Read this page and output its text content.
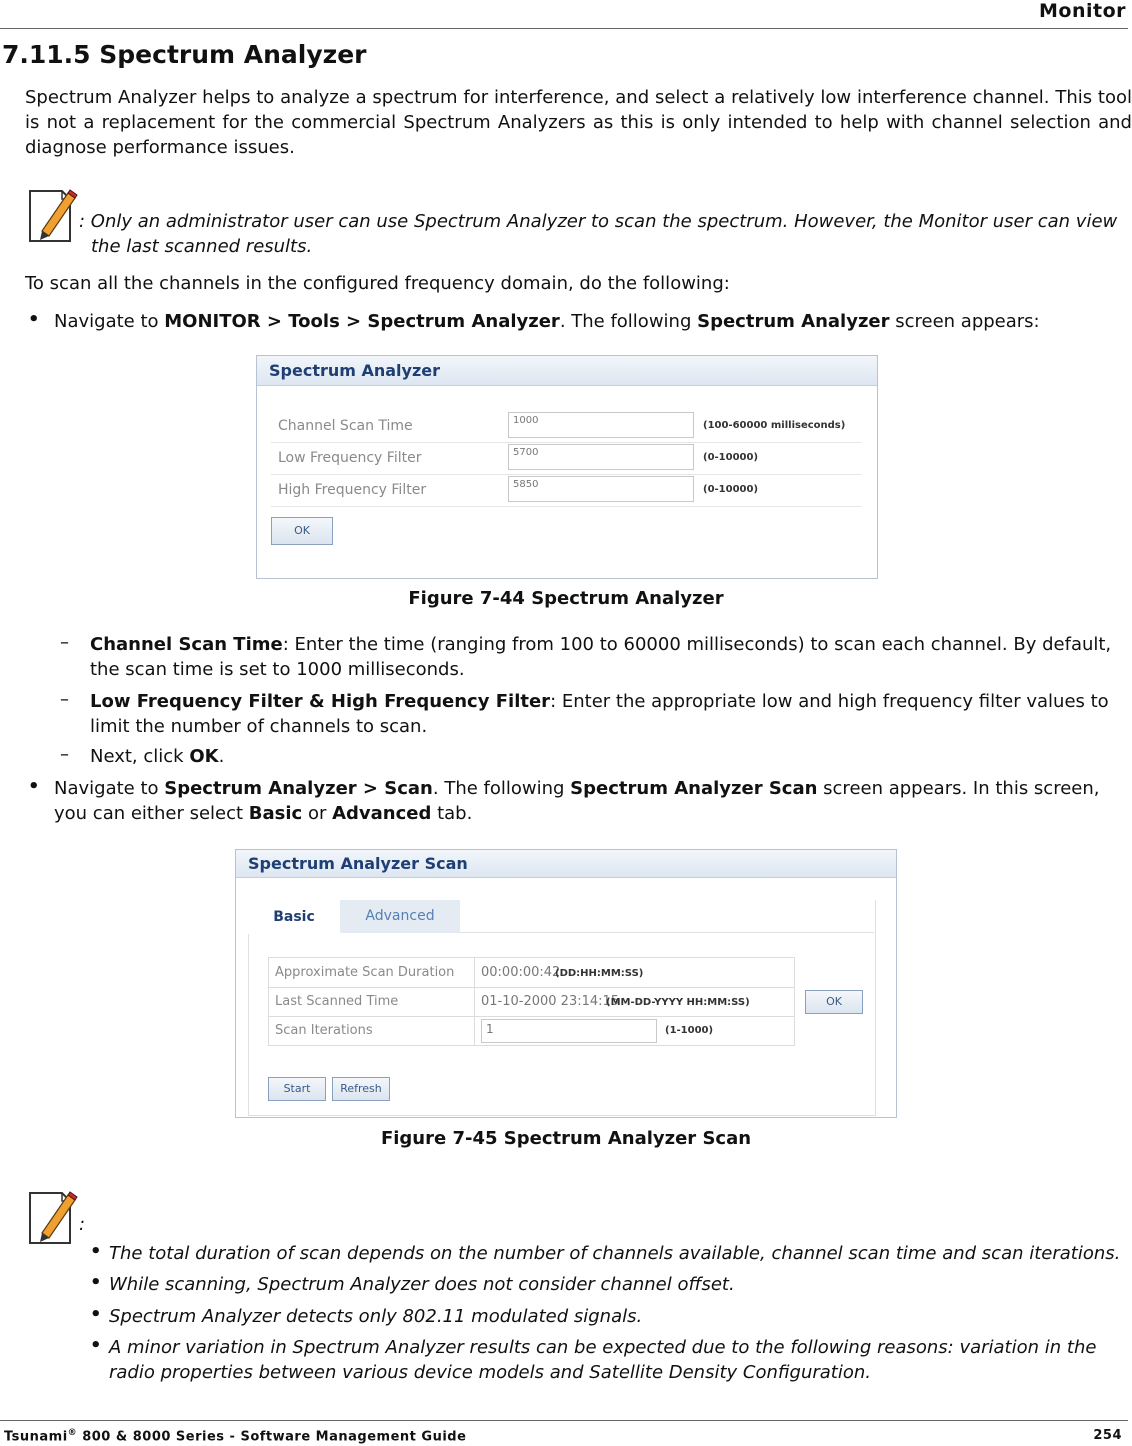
Monitor
7.11.5 Spectrum Analyzer
Spectrum Analyzer helps to analyze a spectrum for interference, and select a relatively low interference channel. This tool is not a replacement for the commercial Spectrum Analyzers as this is only intended to help with channel selection and diagnose performance issues.
: Only an administrator user can use Spectrum Analyzer to scan the spectrum. However, the Monitor user can view the last scanned results.
To scan all the channels in the configured frequency domain, do the following:
• Navigate to MONITOR > Tools > Spectrum Analyzer. The following Spectrum Analyzer screen appears:
Spectrum Analyzer
Channel Scan Time	1000	(100-60000 milliseconds)
Low Frequency Filter	5700	(0-10000)
High Frequency Filter	5850	(0-10000)
OK
Figure 7-44 Spectrum Analyzer
– Channel Scan Time: Enter the time (ranging from 100 to 60000 milliseconds) to scan each channel. By default, the scan time is set to 1000 milliseconds.
– Low Frequency Filter & High Frequency Filter: Enter the appropriate low and high frequency filter values to limit the number of channels to scan.
– Next, click OK.
• Navigate to Spectrum Analyzer > Scan. The following Spectrum Analyzer Scan screen appears. In this screen, you can either select Basic or Advanced tab.
Spectrum Analyzer Scan
Basic	Advanced
Approximate Scan Duration 00:00:00:42
(DD:HH:MM:SS)
Last Scanned Time	01-10-2000 23:14:15
(MM-DD-YYYY HH:MM:SS)
Scan Iterations	1	(1-1000)
OK
Start	Refresh
Figure 7-45 Spectrum Analyzer Scan
:
• The total duration of scan depends on the number of channels available, channel scan time and scan iterations.
• While scanning, Spectrum Analyzer does not consider channel offset.
• Spectrum Analyzer detects only 802.11 modulated signals.
• A minor variation in Spectrum Analyzer results can be expected due to the following reasons: variation in the radio properties between various device models and Satellite Density Configuration.
Tsunami® 800 & 8000 Series - Software Management Guide	254
